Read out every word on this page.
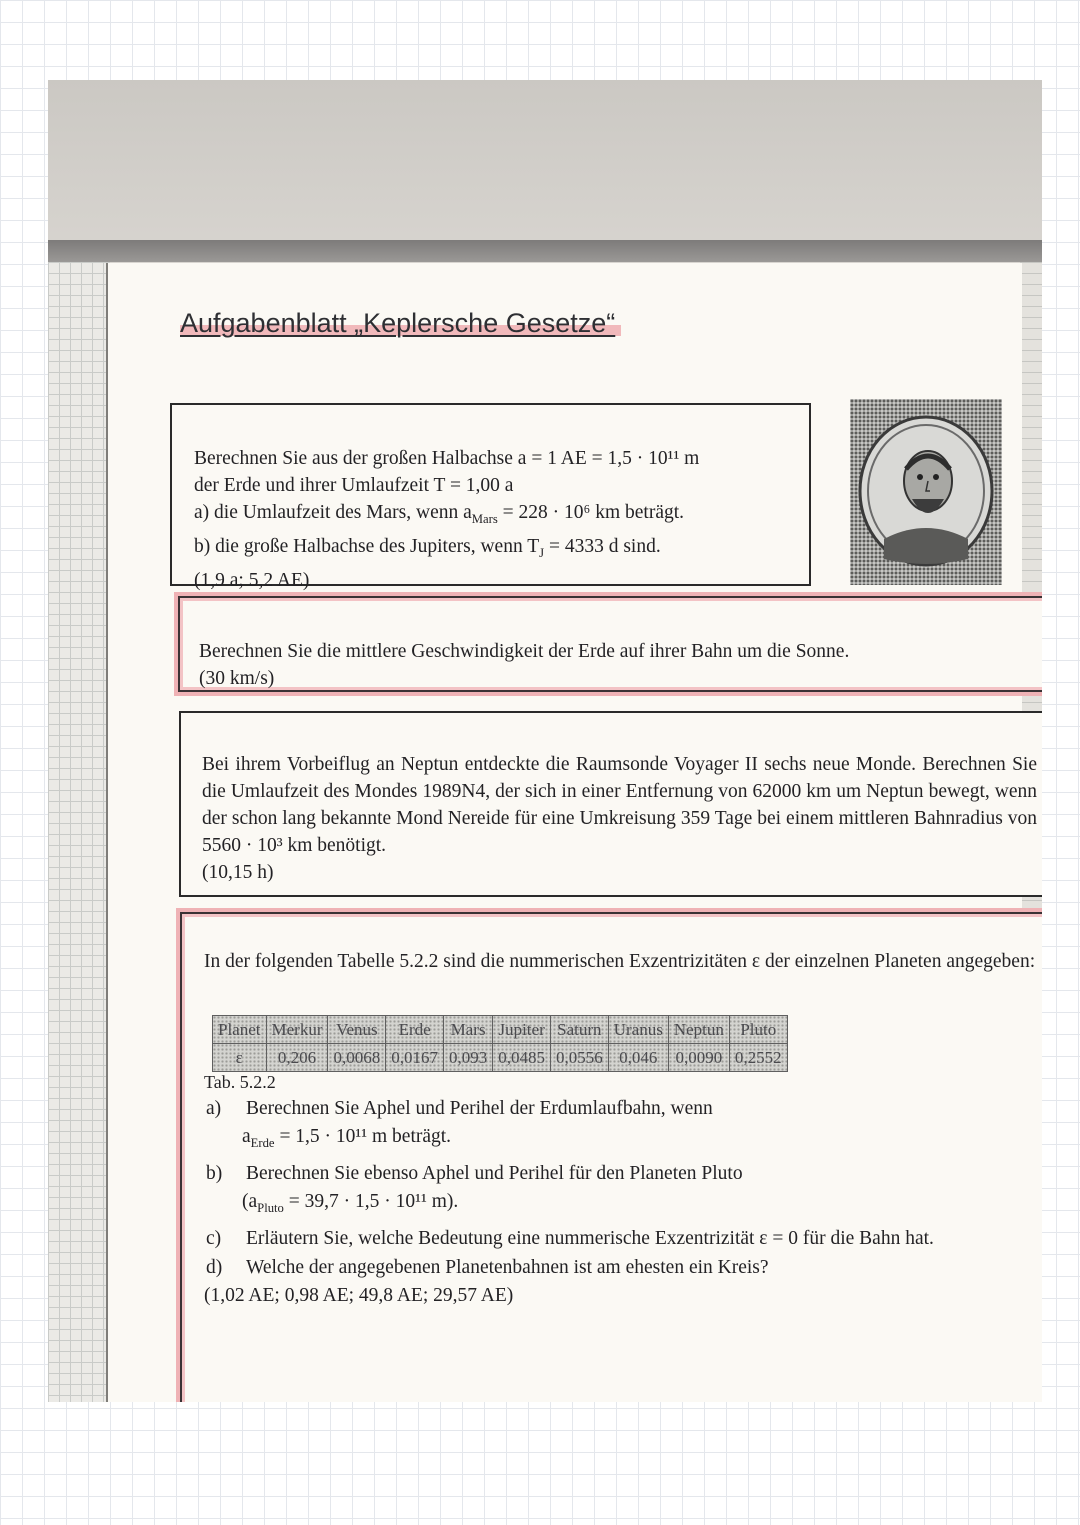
Aufgabenblatt „Keplersche Gesetze“

Berechnen Sie aus der großen Halbachse a = 1 AE = 1,5 · 10¹¹ m

der Erde und ihrer Umlaufzeit T = 1,00 a

a) die Umlaufzeit des Mars, wenn $a_{Mars} = 228 \cdot 10^6$ km beträgt.

b) die große Halbachse des Jupiters, wenn $T_J = 4333$ d sind.

(1,9 a; 5,2 AE)

Berechnen Sie die mittlere Geschwindigkeit der Erde auf ihrer Bahn um die Sonne.

(30 km/s)

Bei ihrem Vorbeiflug an Neptun entdeckte die Raumsonde Voyager II sechs neue Monde. Berechnen Sie die Umlaufzeit des Mondes 1989N4, der sich in einer Entfernung von 62000 km um Neptun bewegt, wenn der schon lang bekannte Mond Nereide für eine Umkreisung 359 Tage bei einem mittleren Bahnradius von 5560 · 10³ km benötigt.

(10,15 h)

In der folgenden Tabelle 5.2.2 sind die nummerischen Exzentrizitäten ε der einzelnen Planeten angegeben:

Planet	Merkur	Venus	Erde	Mars	Jupiter	Saturn	Uranus	Neptun	Pluto
ε	0,206	0,0068	0,0167	0,093	0,0485	0,0556	0,046	0,0090	0,2552

Tab. 5.2.2

a)	Berechnen Sie Aphel und Perihel der Erdumlaufbahn, wenn
$a_{Erde} = 1,5 \cdot 10^{11}$ m beträgt.
b)	Berechnen Sie ebenso Aphel und Perihel für den Planeten Pluto
($a_{Pluto} = 39,7 \cdot 1,5 \cdot 10^{11}$ m).
c)	Erläutern Sie, welche Bedeutung eine nummerische Exzentrizität ε = 0 für die Bahn hat.
d)	Welche der angegebenen Planetenbahnen ist am ehesten ein Kreis?

(1,02 AE; 0,98 AE; 49,8 AE; 29,57 AE)
